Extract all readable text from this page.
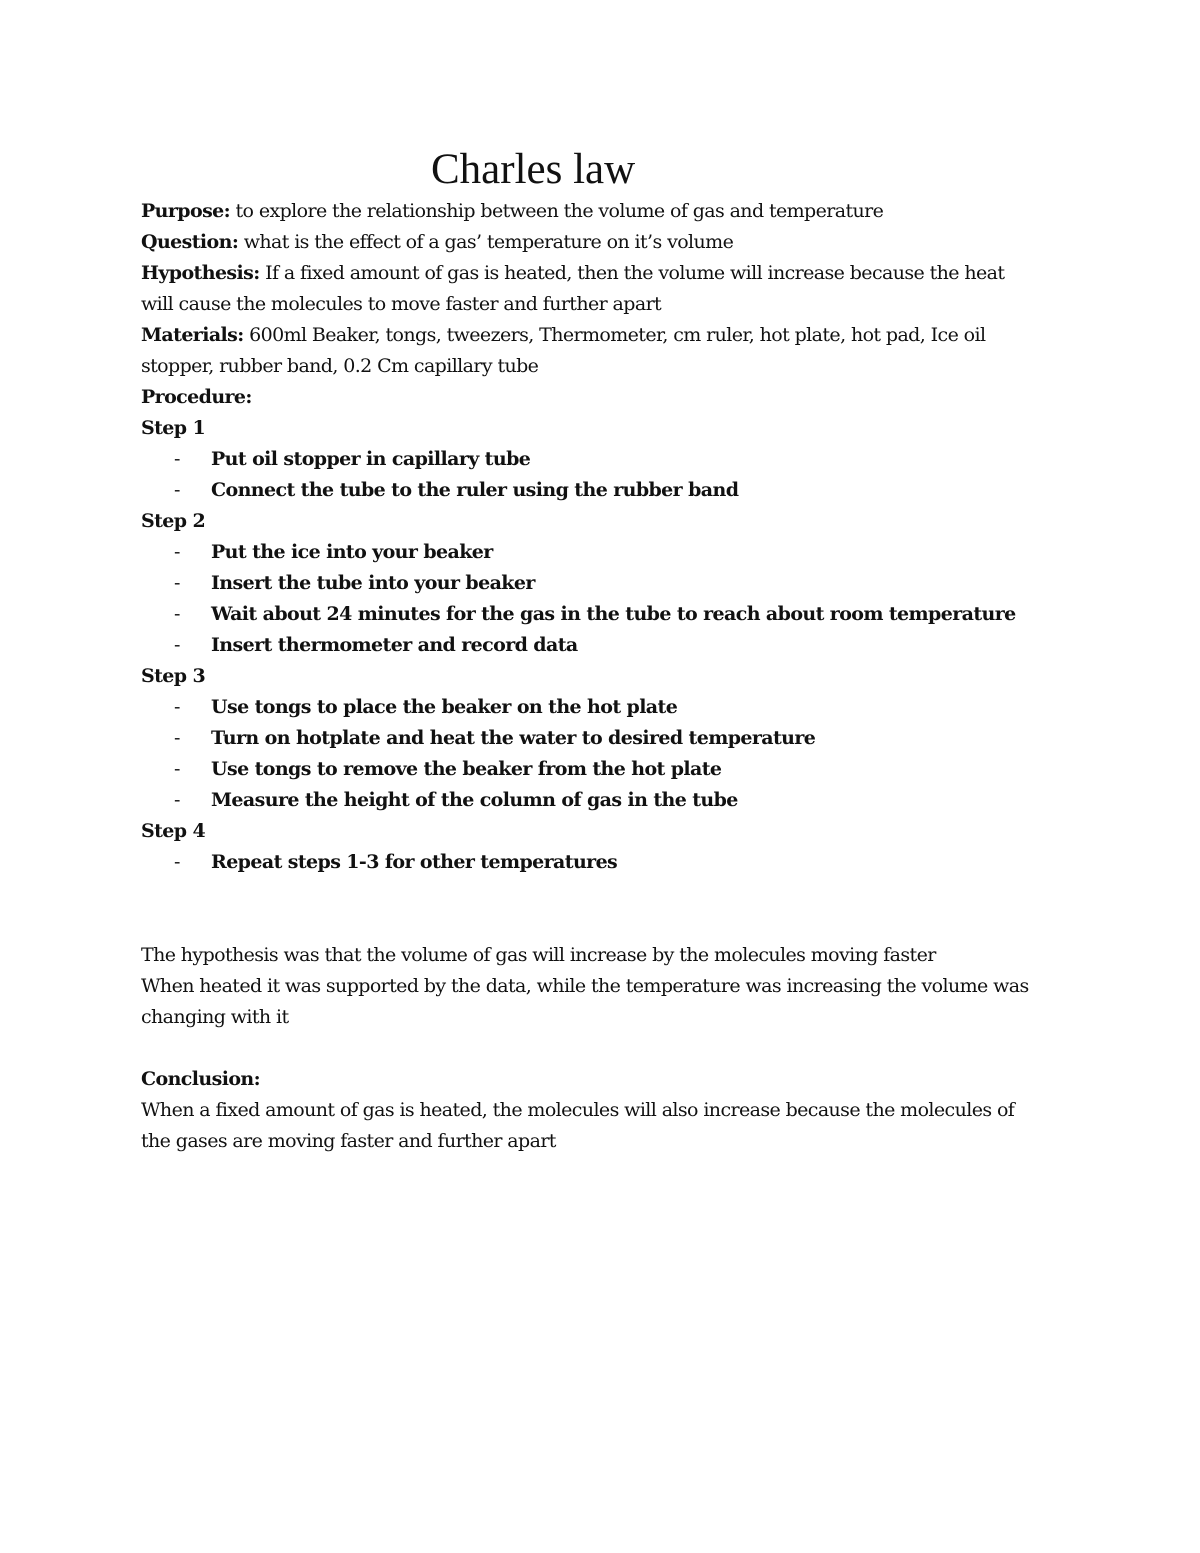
Charles law

Purpose: to explore the relationship between the volume of gas and temperature

Question: what is the effect of a gas’ temperature on it’s volume

Hypothesis: If a fixed amount of gas is heated, then the volume will increase because the heat

will cause the molecules to move faster and further apart

Materials: 600ml Beaker, tongs, tweezers, Thermometer, cm ruler, hot plate, hot pad, Ice oil

stopper, rubber band, 0.2 Cm capillary tube

Procedure:

Step 1

- Put oil stopper in capillary tube
- Connect the tube to the ruler using the rubber band

Step 2

- Put the ice into your beaker
- Insert the tube into your beaker
- Wait about 24 minutes for the gas in the tube to reach about room temperature
- Insert thermometer and record data

Step 3

- Use tongs to place the beaker on the hot plate
- Turn on hotplate and heat the water to desired temperature
- Use tongs to remove the beaker from the hot plate
- Measure the height of the column of gas in the tube

Step 4

- Repeat steps 1-3 for other temperatures

The hypothesis was that the volume of gas will increase by the molecules moving faster

When heated it was supported by the data, while the temperature was increasing the volume was

changing with it

Conclusion:

When a fixed amount of gas is heated, the molecules will also increase because the molecules of

the gases are moving faster and further apart
